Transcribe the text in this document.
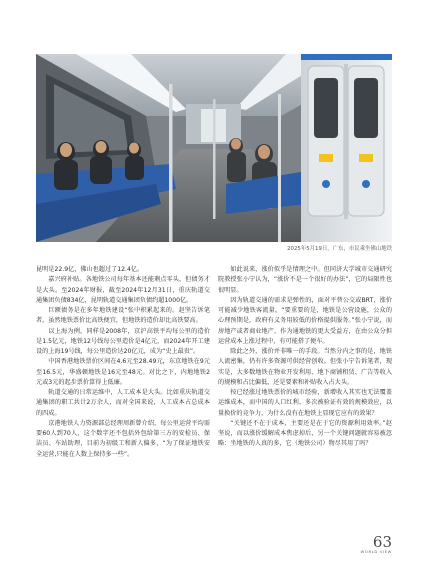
2025年5月19日，广东，市民乘坐佛山地铁

昆明是22.9亿，佛山也超过了12.4亿。

嘉兴府补贴。各地铁公司每年基本还能剩点零头，但债务才是大头。至2024年财报，截至2024年12月31日，重庆轨道交通集团负债834亿，昆明轨道交通集团负债约超1000亿。

巨额债务是在多年地铁建设“张中积累起来的。赵坚告诉笔者，虽然地铁票价比高铁便宜，但地铁的造价却比高铁要高。

以上海为例，同样是2008年，京沪高铁平均每公里的造价是1.5亿元，地铁12号线每公里造价是4亿元，而2024年开工建设的上海19号线，每公里造价达20亿元，成为“史上最贵”。

中国香港地铁票价区间在4.6元至28.49元，东京地铁在9元至16.5元，华盛顿地铁是16元至48元。对比之下，内地地铁2元或3元的起步票价算得上低廉。

轨道交通的日常运维中，人工成本是大头。比如重庆轨道交通集团的职工共计2万余人，而对全国来说，人工成本占总成本的四成。

京港地铁人力资源部总经理周新曾介绍，每公里运营平均需要60人到70人，这个数字还不包括外包给第三方的安检员、保洁员、车站助理，目前为初级工和新人偏多，“为了保证地铁安全运营,只能在人数上保持多一些”。

如此说来，涨价似乎是情理之中。但同济大学城市交通研究院教授张小宁认为，“涨价不是一个很好的办法”，它的局限性也很明显。

因为轨道交通的需求是弹性的，面对平替公交或BRT，涨价可能减少地铁客流量。“要重要的是，地铁是公营设施，公众的心理预期是，政府有义务用较低的价格提供服务。”张小宁说，而房地产或者商业地产，作为通地铁的更大受益方，在由公众分担运营成本上涨过程中，有可能搭了便车。

除此之外，涨价并非唯一的手段。当然分内之事的是，地铁人流密集，仍有许多资源可供经营创收。但张小宁告诉笔者，现实是，大多数地铁在物业开发利用、地下商铺租赁、广告等收入的规模和占比偏低，还是要素和补贴收入占大头。

按已经涨过地铁票价的城市经验，新增收入其实也无法覆盖运维成本，而中国的人口红利、多次被验证有效的规模效应，以量换价的竞争力，为什么没有在地铁上显现它应有的效果？

“关键还不在于成本，主要还是在于它的资源利用效率。”赵坚说，而以涨价缓解成本焦虑掉后，另一个关键问题就容易被忽略：坐地铁的人真的多，它（地铁公司）物尽其用了吗？

63
WORLD VIEW
